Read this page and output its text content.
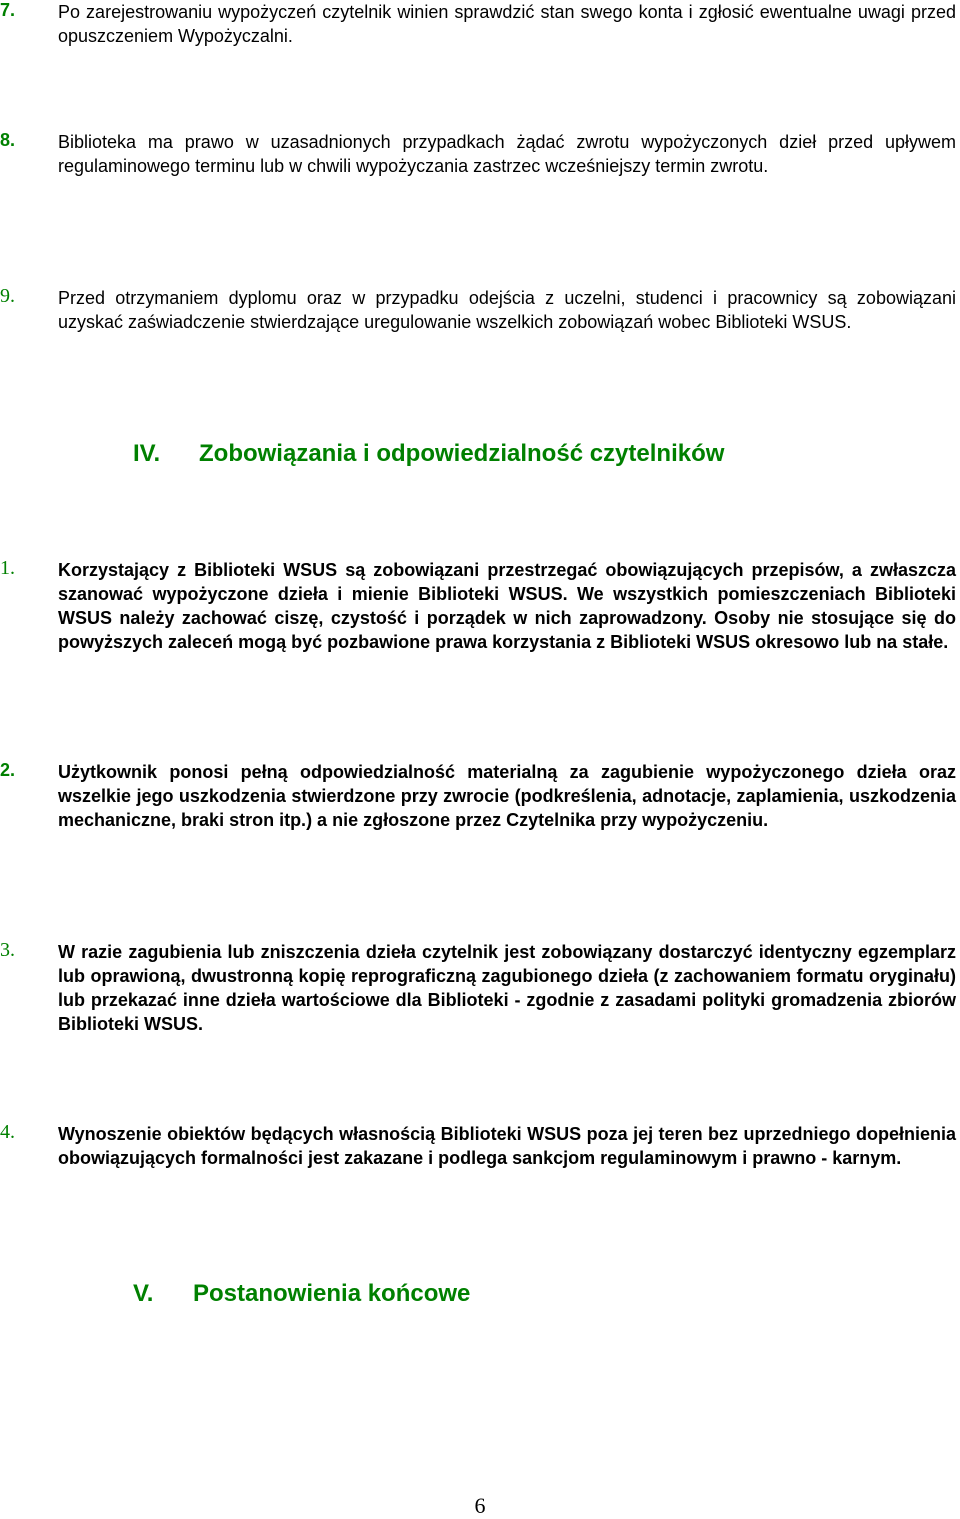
7. Po zarejestrowaniu wypożyczeń czytelnik winien sprawdzić stan swego konta i zgłosić ewentualne uwagi przed opuszczeniem Wypożyczalni.
8. Biblioteka ma prawo w uzasadnionych przypadkach żądać zwrotu wypożyczonych dzieł przed upływem regulaminowego terminu lub w chwili wypożyczania zastrzec wcześniejszy termin zwrotu.
9. Przed otrzymaniem dyplomu oraz w przypadku odejścia z uczelni, studenci i pracownicy są zobowiązani uzyskać zaświadczenie stwierdzające uregulowanie wszelkich zobowiązań wobec Biblioteki WSUS.
IV. Zobowiązania i odpowiedzialność czytelników
1. Korzystający z Biblioteki WSUS są zobowiązani przestrzegać obowiązujących przepisów, a zwłaszcza szanować wypożyczone dzieła i mienie Biblioteki WSUS. We wszystkich pomieszczeniach Biblioteki WSUS należy zachować ciszę, czystość i porządek w nich zaprowadzony. Osoby nie stosujące się do powyższych zaleceń mogą być pozbawione prawa korzystania z Biblioteki WSUS okresowo lub na stałe.
2. Użytkownik ponosi pełną odpowiedzialność materialną za zagubienie wypożyczonego dzieła oraz wszelkie jego uszkodzenia stwierdzone przy zwrocie (podkreślenia, adnotacje, zaplamienia, uszkodzenia mechaniczne, braki stron itp.) a nie zgłoszone przez Czytelnika przy wypożyczeniu.
3. W razie zagubienia lub zniszczenia dzieła czytelnik jest zobowiązany dostarczyć identyczny egzemplarz lub oprawioną, dwustronną kopię reprograficzną zagubionego dzieła (z zachowaniem formatu oryginału) lub przekazać inne dzieła wartościowe dla Biblioteki - zgodnie z zasadami polityki gromadzenia zbiorów Biblioteki WSUS.
4. Wynoszenie obiektów będących własnością Biblioteki WSUS poza jej teren bez uprzedniego dopełnienia obowiązujących formalności jest zakazane i podlega sankcjom regulaminowym i prawno - karnym.
V. Postanowienia końcowe
6
